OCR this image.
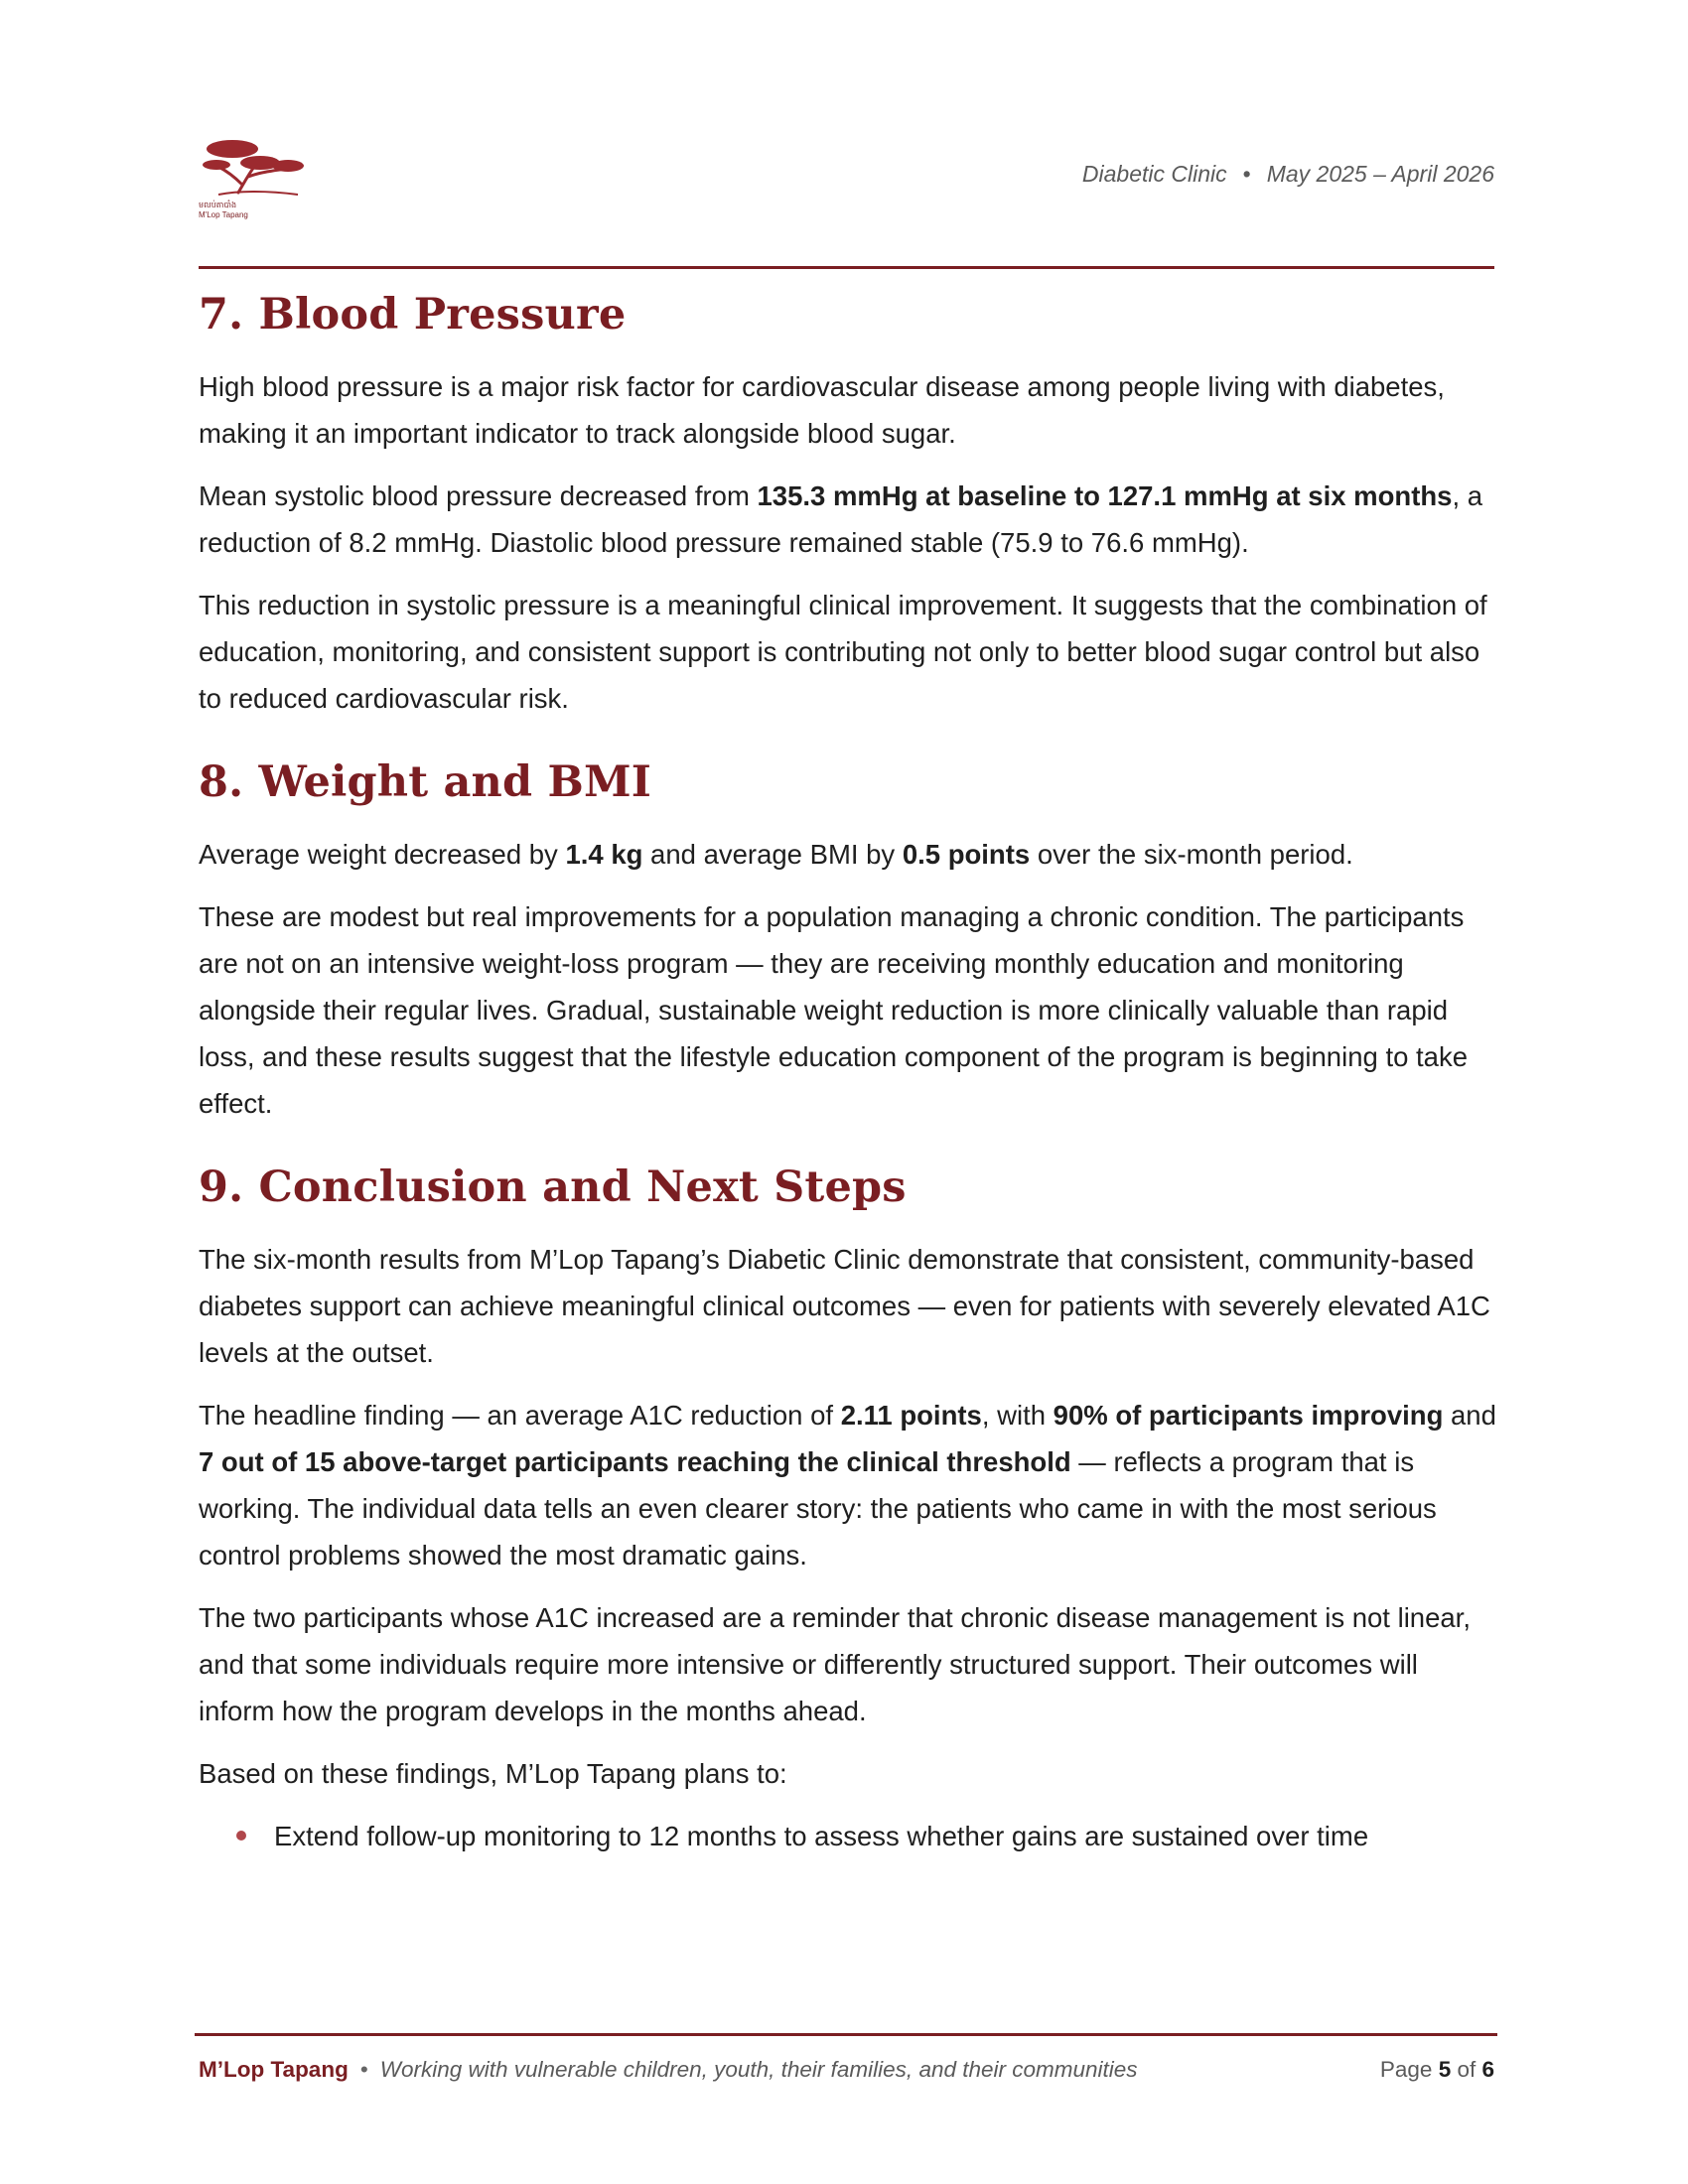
មលប់តាបាំង
M'Lop Tapang
Diabetic Clinic • May 2025 – April 2026
7. Blood Pressure

High blood pressure is a major risk factor for cardiovascular disease among people living with diabetes, making it an important indicator to track alongside blood sugar.

Mean systolic blood pressure decreased from 135.3 mmHg at baseline to 127.1 mmHg at six months, a reduction of 8.2 mmHg. Diastolic blood pressure remained stable (75.9 to 76.6 mmHg).

This reduction in systolic pressure is a meaningful clinical improvement. It suggests that the combination of education, monitoring, and consistent support is contributing not only to better blood sugar control but also to reduced cardiovascular risk.

8. Weight and BMI

Average weight decreased by 1.4 kg and average BMI by 0.5 points over the six-month period.

These are modest but real improvements for a population managing a chronic condition. The participants are not on an intensive weight-loss program — they are receiving monthly education and monitoring alongside their regular lives. Gradual, sustainable weight reduction is more clinically valuable than rapid loss, and these results suggest that the lifestyle education component of the program is beginning to take effect.

9. Conclusion and Next Steps

The six-month results from M’Lop Tapang’s Diabetic Clinic demonstrate that consistent, community-based diabetes support can achieve meaningful clinical outcomes — even for patients with severely elevated A1C levels at the outset.

The headline finding — an average A1C reduction of 2.11 points, with 90% of participants improving and 7 out of 15 above-target participants reaching the clinical threshold — reflects a program that is working. The individual data tells an even clearer story: the patients who came in with the most serious control problems showed the most dramatic gains.

The two participants whose A1C increased are a reminder that chronic disease management is not linear, and that some individuals require more intensive or differently structured support. Their outcomes will inform how the program develops in the months ahead.

Based on these findings, M’Lop Tapang plans to:

Extend follow-up monitoring to 12 months to assess whether gains are sustained over time
M’Lop Tapang • Working with vulnerable children, youth, their families, and their communities	Page 5 of 6
